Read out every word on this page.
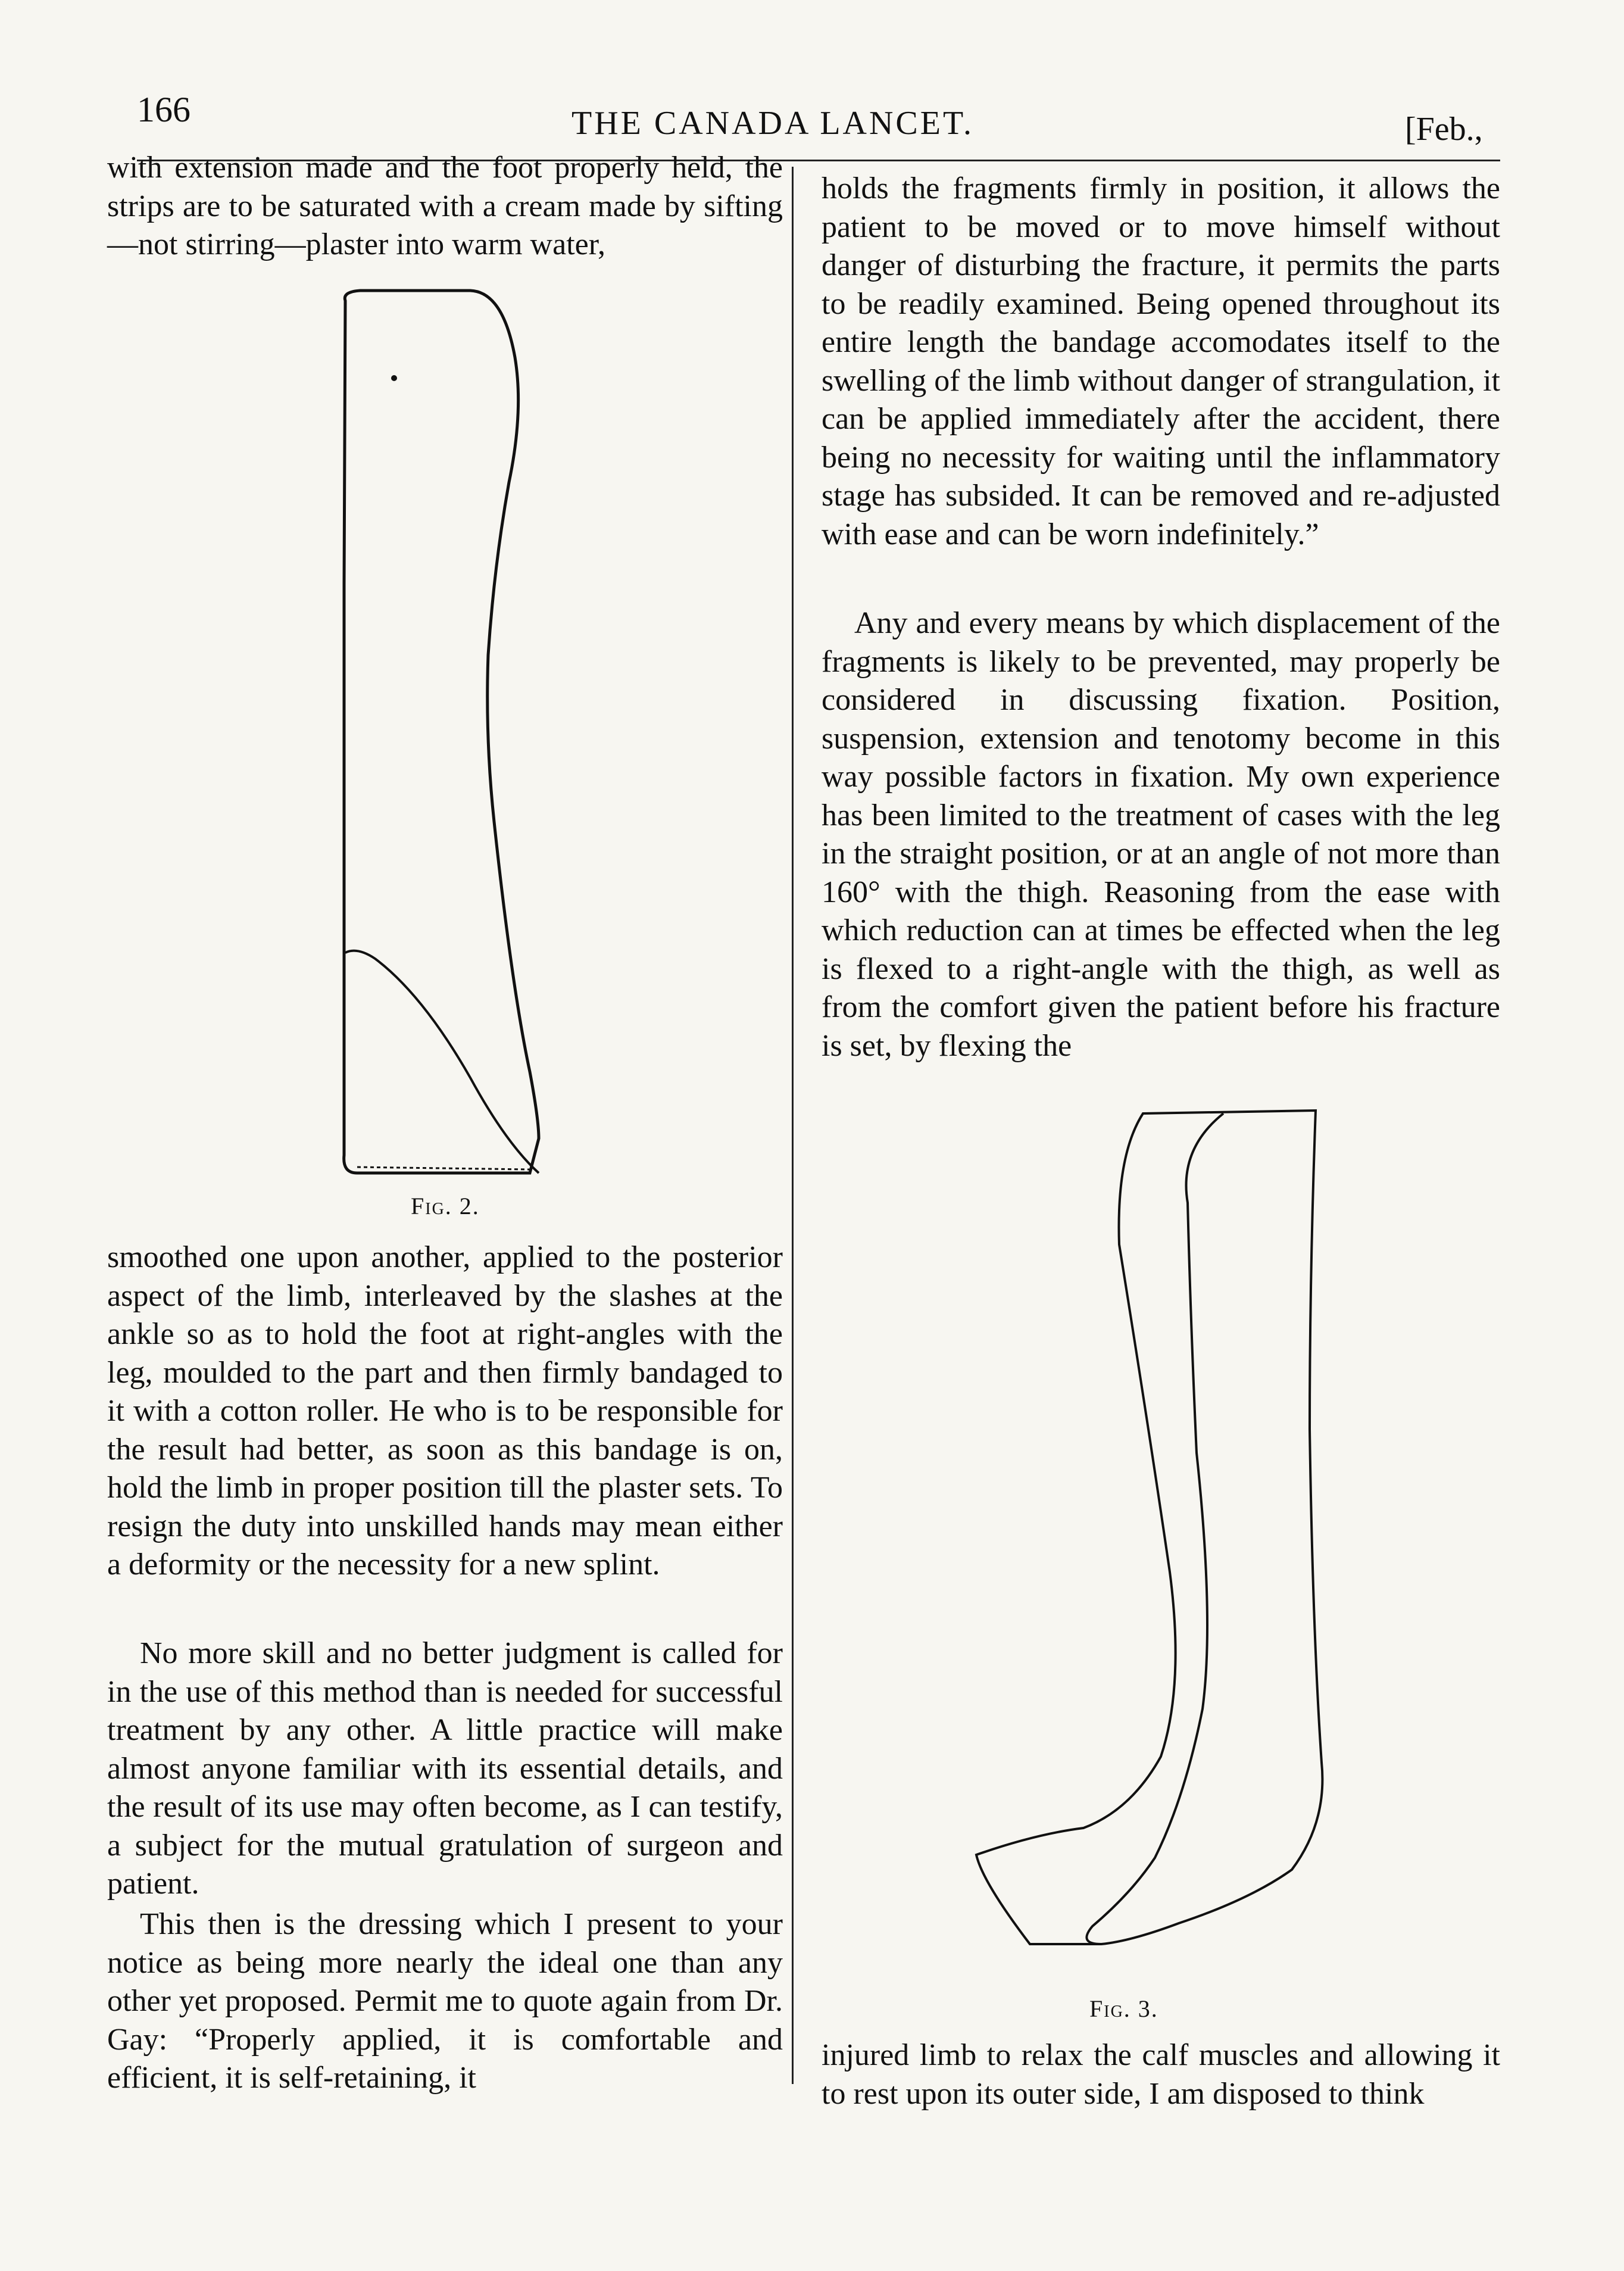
166	THE CANADA LANCET.	[Feb.,

with extension made and the foot properly held, the strips are to be saturated with a cream made by sifting—not stirring—plaster into warm water,

Fig. 2.

smoothed one upon another, applied to the posterior aspect of the limb, interleaved by the slashes at the ankle so as to hold the foot at right-angles with the leg, moulded to the part and then firmly bandaged to it with a cotton roller. He who is to be responsible for the result had better, as soon as this bandage is on, hold the limb in proper position till the plaster sets. To resign the duty into unskilled hands may mean either a deformity or the necessity for a new splint.

No more skill and no better judgment is called for in the use of this method than is needed for successful treatment by any other. A little practice will make almost anyone familiar with its essential details, and the result of its use may often become, as I can testify, a subject for the mutual gratulation of surgeon and patient.

This then is the dressing which I present to your notice as being more nearly the ideal one than any other yet proposed. Permit me to quote again from Dr. Gay: “Properly applied, it is comfortable and efficient, it is self-retaining, it

holds the fragments firmly in position, it allows the patient to be moved or to move himself without danger of disturbing the fracture, it permits the parts to be readily examined. Being opened throughout its entire length the bandage accomodates itself to the swelling of the limb without danger of strangulation, it can be applied immediately after the accident, there being no necessity for waiting until the inflammatory stage has subsided. It can be removed and re-adjusted with ease and can be worn indefinitely.”

Any and every means by which displacement of the fragments is likely to be prevented, may properly be considered in discussing fixation. Position, suspension, extension and tenotomy become in this way possible factors in fixation. My own experience has been limited to the treatment of cases with the leg in the straight position, or at an angle of not more than 160° with the thigh. Reasoning from the ease with which reduction can at times be effected when the leg is flexed to a right-angle with the thigh, as well as from the comfort given the patient before his fracture is set, by flexing the

Fig. 3.

injured limb to relax the calf muscles and allowing it to rest upon its outer side, I am disposed to think
